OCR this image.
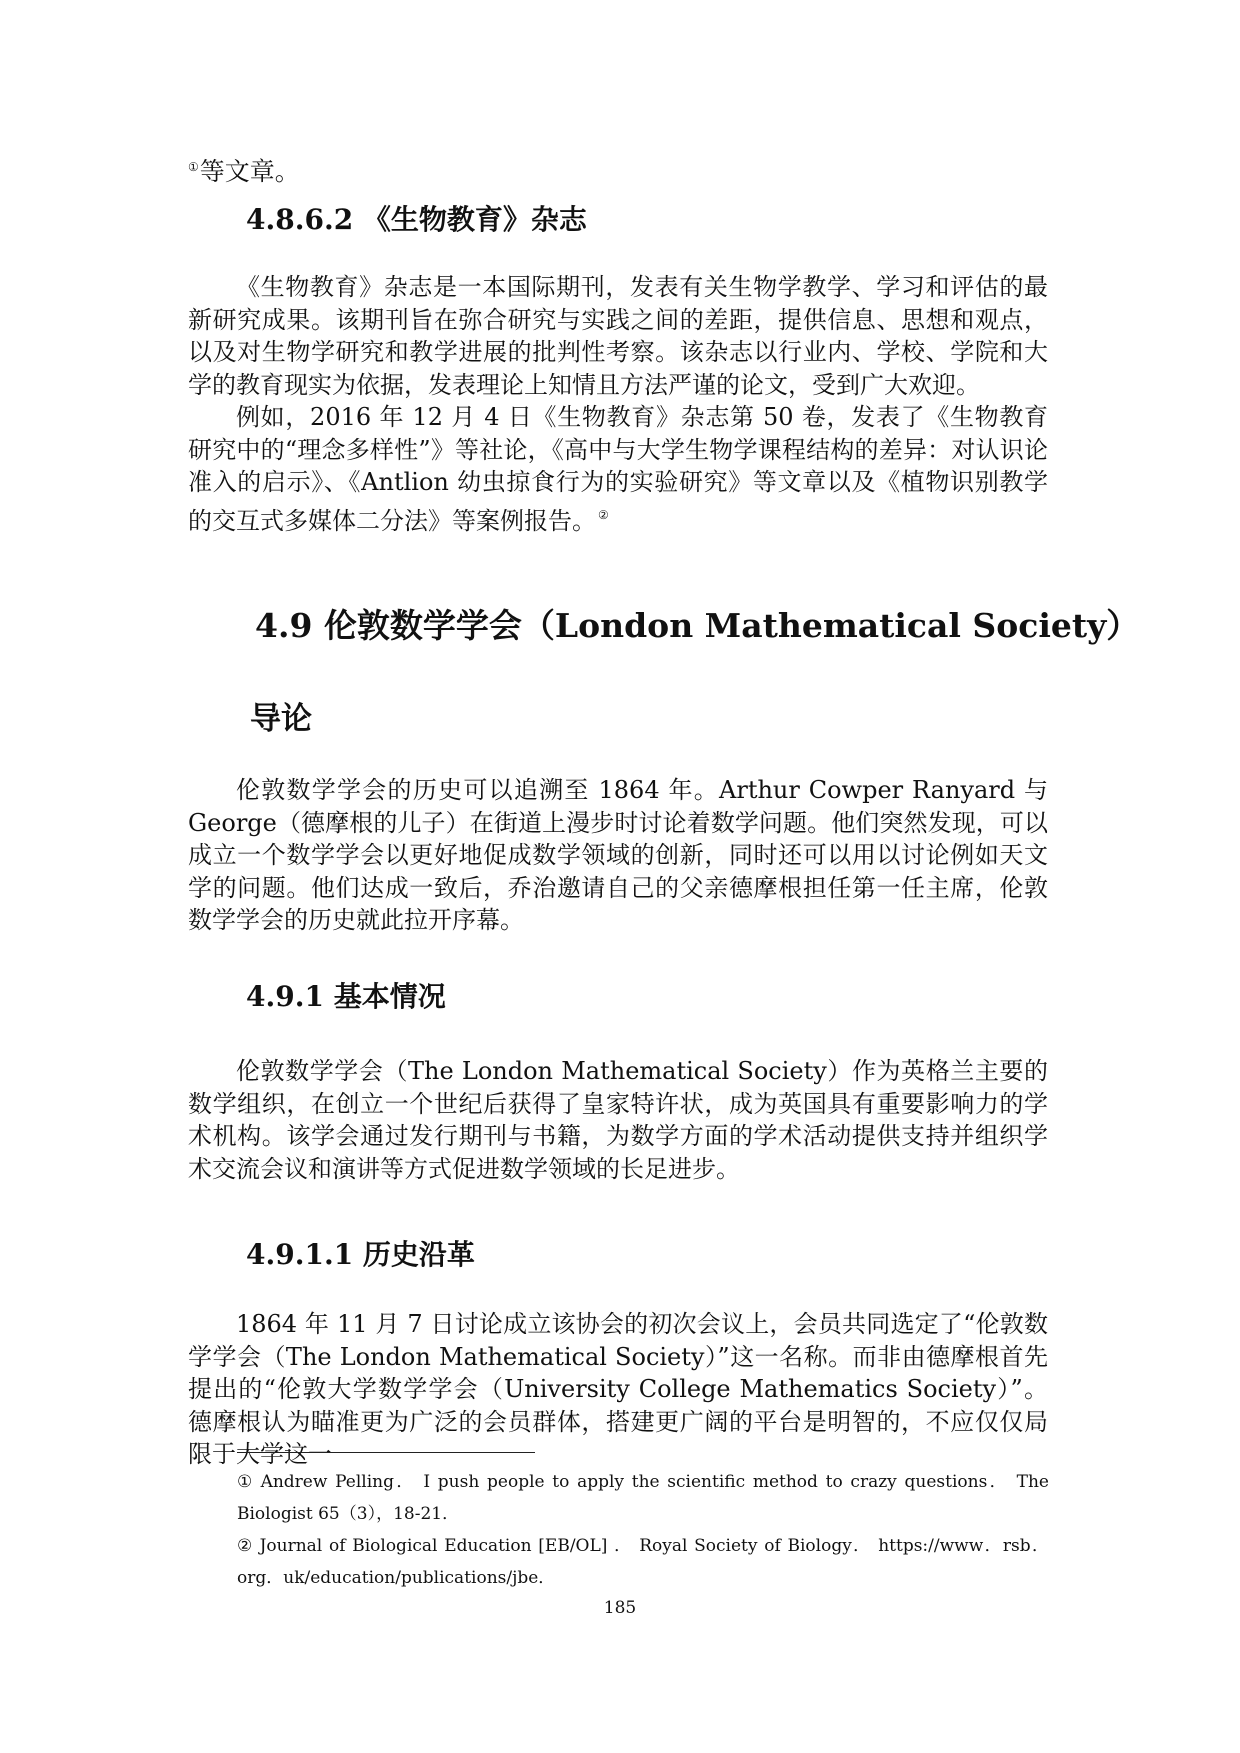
①等文章。
4.8.6.2 《生物教育》杂志

《生物教育》杂志是一本国际期刊，发表有关生物学教学、学习和评估的最新研究成果。该期刊旨在弥合研究与实践之间的差距，提供信息、思想和观点，以及对生物学研究和教学进展的批判性考察。该杂志以行业内、学校、学院和大学的教育现实为依据，发表理论上知情且方法严谨的论文，受到广大欢迎。

例如，2016 年 12 月 4 日《生物教育》杂志第 50 卷，发表了《生物教育研究中的“理念多样性”》等社论，《高中与大学生物学课程结构的差异：对认识论准入的启示》、《Antlion 幼虫掠食行为的实验研究》等文章以及《植物识别教学的交互式多媒体二分法》等案例报告。 ②

4.9 伦敦数学学会（London Mathematical Society）
导论

伦敦数学学会的历史可以追溯至 1864 年。Arthur Cowper Ranyard 与 George（德摩根的儿子）在街道上漫步时讨论着数学问题。他们突然发现，可以成立一个数学学会以更好地促成数学领域的创新，同时还可以用以讨论例如天文学的问题。他们达成一致后，乔治邀请自己的父亲德摩根担任第一任主席，伦敦数学学会的历史就此拉开序幕。

4.9.1 基本情况

伦敦数学学会（The London Mathematical Society）作为英格兰主要的数学组织，在创立一个世纪后获得了皇家特许状，成为英国具有重要影响力的学术机构。该学会通过发行期刊与书籍，为数学方面的学术活动提供支持并组织学术交流会议和演讲等方式促进数学领域的长足进步。

4.9.1.1 历史沿革

1864 年 11 月 7 日讨论成立该协会的初次会议上，会员共同选定了“伦敦数学学会（The London Mathematical Society）”这一名称。而非由德摩根首先提出的“伦敦大学数学学会（University College Mathematics Society）”。德摩根认为瞄准更为广泛的会员群体，搭建更广阔的平台是明智的，不应仅仅局限于大学这一

① Andrew Pelling． I push people to apply the scientific method to crazy questions． The Biologist 65（3），18-21．

② Journal of Biological Education [EB/OL] ． Royal Society of Biology． https://www．rsb．org．uk/education/publications/jbe．

185
